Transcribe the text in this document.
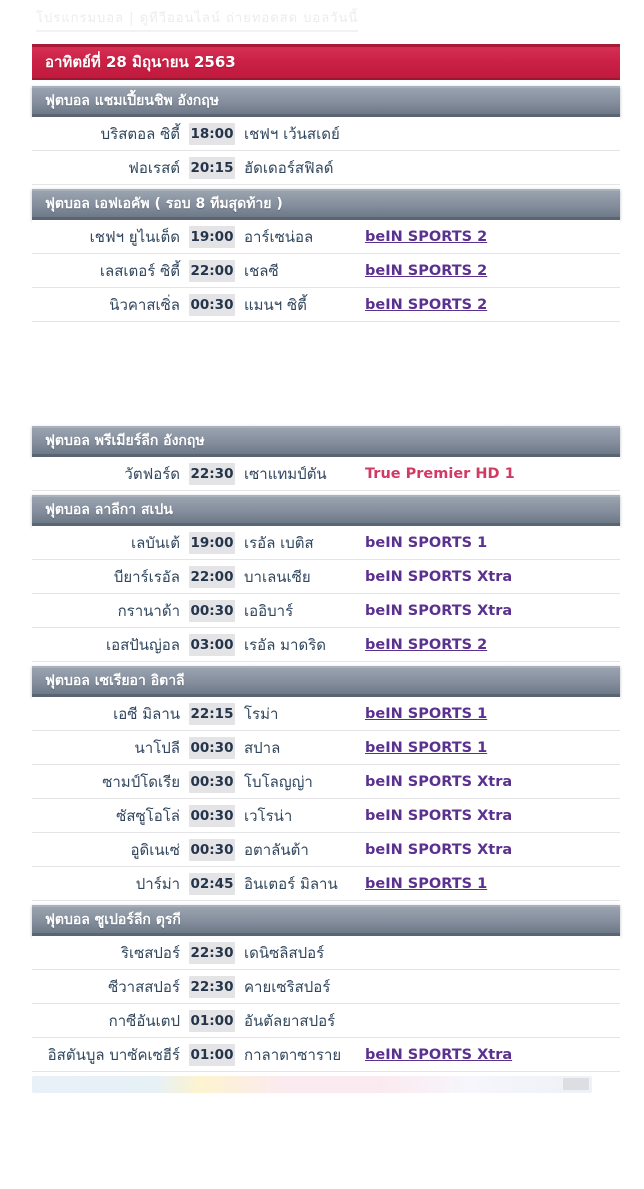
โปรแกรมบอล | ดูทีวีออนไลน์ ถ่ายทอดสด บอลวันนี้
อาทิตย์ที่ 28 มิถุนายน 2563
ฟุตบอล แชมเปี้ยนชิพ อังกฤษ
บริสตอล ซิตี้ 18:00 เชฟฯ เว้นสเดย์
ฟอเรสต์ 20:15 ฮัดเดอร์สฟิลด์
ฟุตบอล เอฟเอคัพ ( รอบ 8 ทีมสุดท้าย )
เชฟฯ ยูไนเต็ด 19:00 อาร์เซน่อล	beIN SPORTS 2
เลสเตอร์ ซิตี้ 22:00 เชลซี	beIN SPORTS 2
นิวคาสเซิ่ล 00:30 แมนฯ ซิตี้	beIN SPORTS 2
ฟุตบอล พรีเมียร์ลีก อังกฤษ
วัตฟอร์ด 22:30 เซาแทมป์ตัน	True Premier HD 1
ฟุตบอล ลาลีกา สเปน
เลบันเต้ 19:00 เรอัล เบติส	beIN SPORTS 1
บียาร์เรอัล 22:00 บาเลนเซีย	beIN SPORTS Xtra
กรานาด้า 00:30 เออิบาร์	beIN SPORTS Xtra
เอสปันญ่อล 03:00 เรอัล มาดริด	beIN SPORTS 2
ฟุตบอล เซเรียอา อิตาลี
เอซี มิลาน 22:15 โรม่า	beIN SPORTS 1
นาโปลี 00:30 สปาล	beIN SPORTS 1
ซามป์โดเรีย 00:30 โบโลญญ่า	beIN SPORTS Xtra
ซัสซูโอโล่ 00:30 เวโรน่า	beIN SPORTS Xtra
อูดิเนเซ่ 00:30 อตาลันต้า	beIN SPORTS Xtra
ปาร์ม่า 02:45 อินเตอร์ มิลาน	beIN SPORTS 1
ฟุตบอล ซูเปอร์ลีก ตุรกี
ริเซสปอร์ 22:30 เดนิซลิสปอร์
ซีวาสสปอร์ 22:30 คายเซริสปอร์
กาซีอันเตป 01:00 อันตัลยาสปอร์
อิสตันบูล บาซัคเซฮีร์ 01:00 กาลาตาซาราย	beIN SPORTS Xtra
